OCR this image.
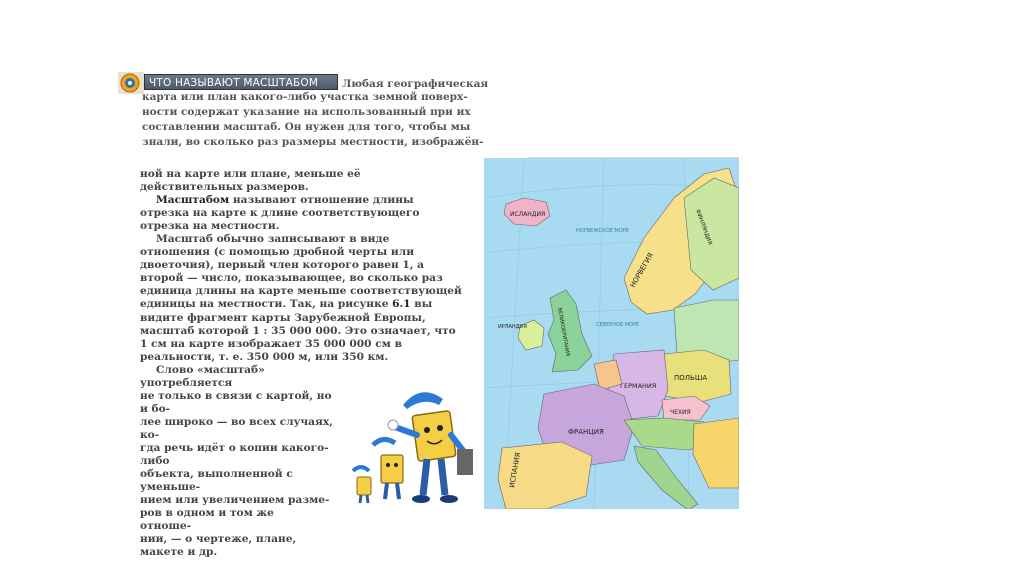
ЧТО НАЗЫВАЮТ МАСШТАБОМ	Любая географическая
карта или план какого-либо участка земной поверх-
ности содержат указание на использованный при их
составлении масштаб. Он нужен для того, чтобы мы
знали, во сколько раз размеры местности, изображён-

ной на карте или плане, меньше её действительных размеров.

Масштабом называют отношение длины отрезка на карте к длине соответствующего отрезка на местности.

Масштаб обычно записывают в виде отношения (с помощью дробной черты или двоеточия), первый член которого равен 1, а второй — число, показывающее, во сколько раз единица длины на карте меньше соответствующей единицы на местности. Так, на рисунке 6.1 вы видите фрагмент карты Зарубежной Европы, масштаб которой 1 : 35 000 000. Это означает, что 1 см на карте изображает 35 000 000 см в реальности, т. е. 350 000 м, или 350 км.

Слово «масштаб» употребляется

не только в связи с картой, но и бо-

лее широко — во всех случаях, ко-

гда речь идёт о копии какого-либо

объекта, выполненной с уменьше-

нием или увеличением разме-

ров в одном и том же отноше-

нии, — о чертеже, плане,

макете и др.

ИСЛАНДИЯ
ИРЛАНДИЯ	ВЕЛИКОБРИТАНИЯ
НОРВЕГИЯ
ФИНЛЯНДИЯ
НОРВЕЖСКОЕ МОРЕ
СЕВЕРНОЕ МОРЕ
ПОЛЬША
ГЕРМАНИЯ
ЧЕХИЯ
ФРАНЦИЯ
ИСПАНИЯ
